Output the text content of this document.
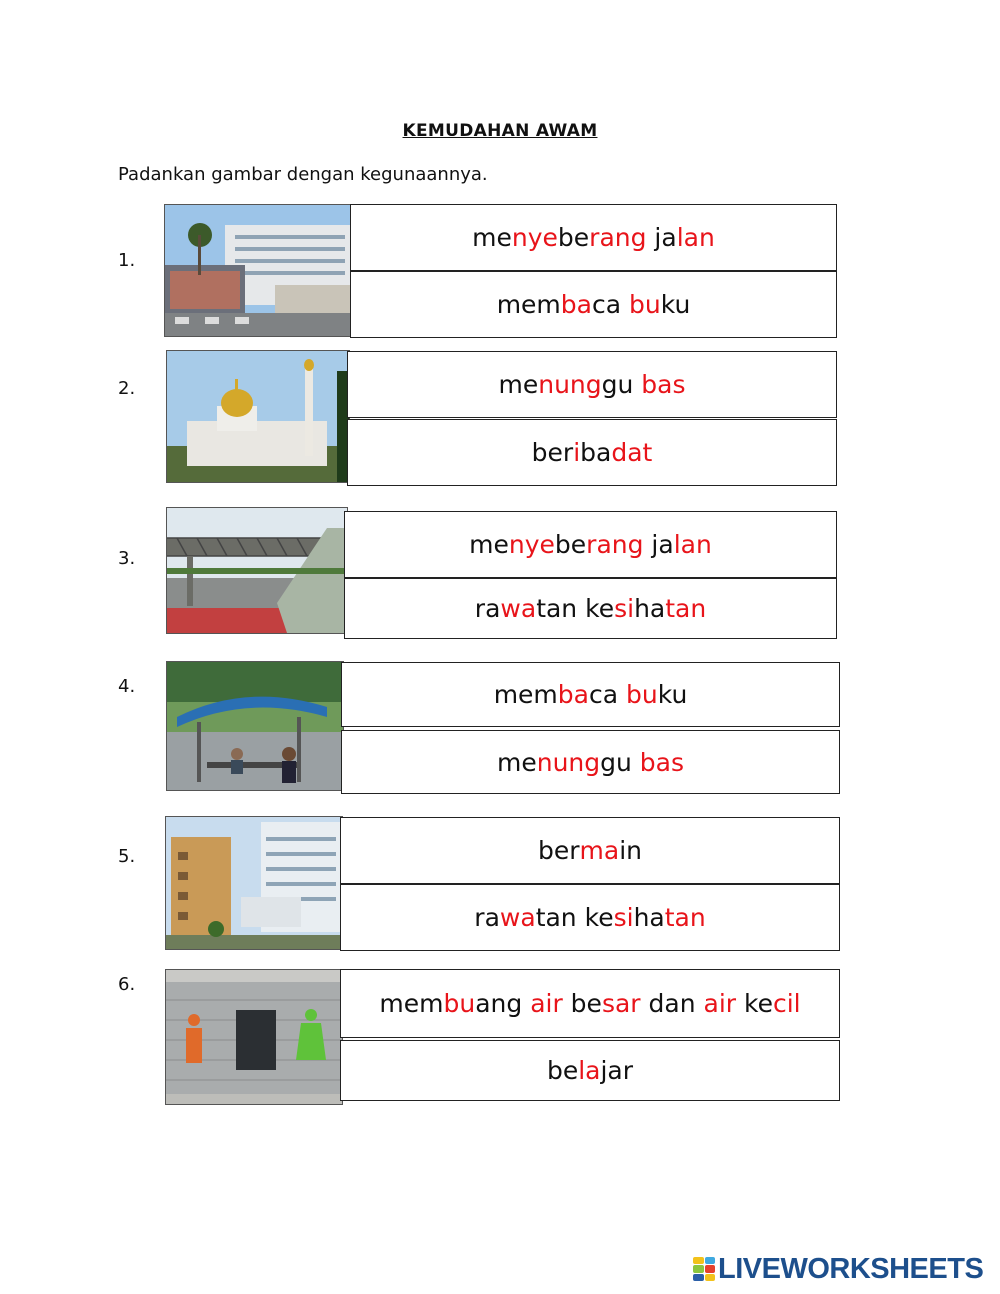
KEMUDAHAN AWAM
Padankan gambar dengan kegunaannya.
1.
2.
3.
4.
5.
6.
me nye be rang ja lan
mem ba ca bu ku
me nung gu bas
ber i ba dat
me nye be rang ja lan
ra wa tan ke si ha tan
mem ba ca bu ku
me nung gu bas
ber ma in
ra wa tan ke si ha tan
mem bu ang air be sar dan air ke cil
be la jar
LIVEWORKSHEETS
